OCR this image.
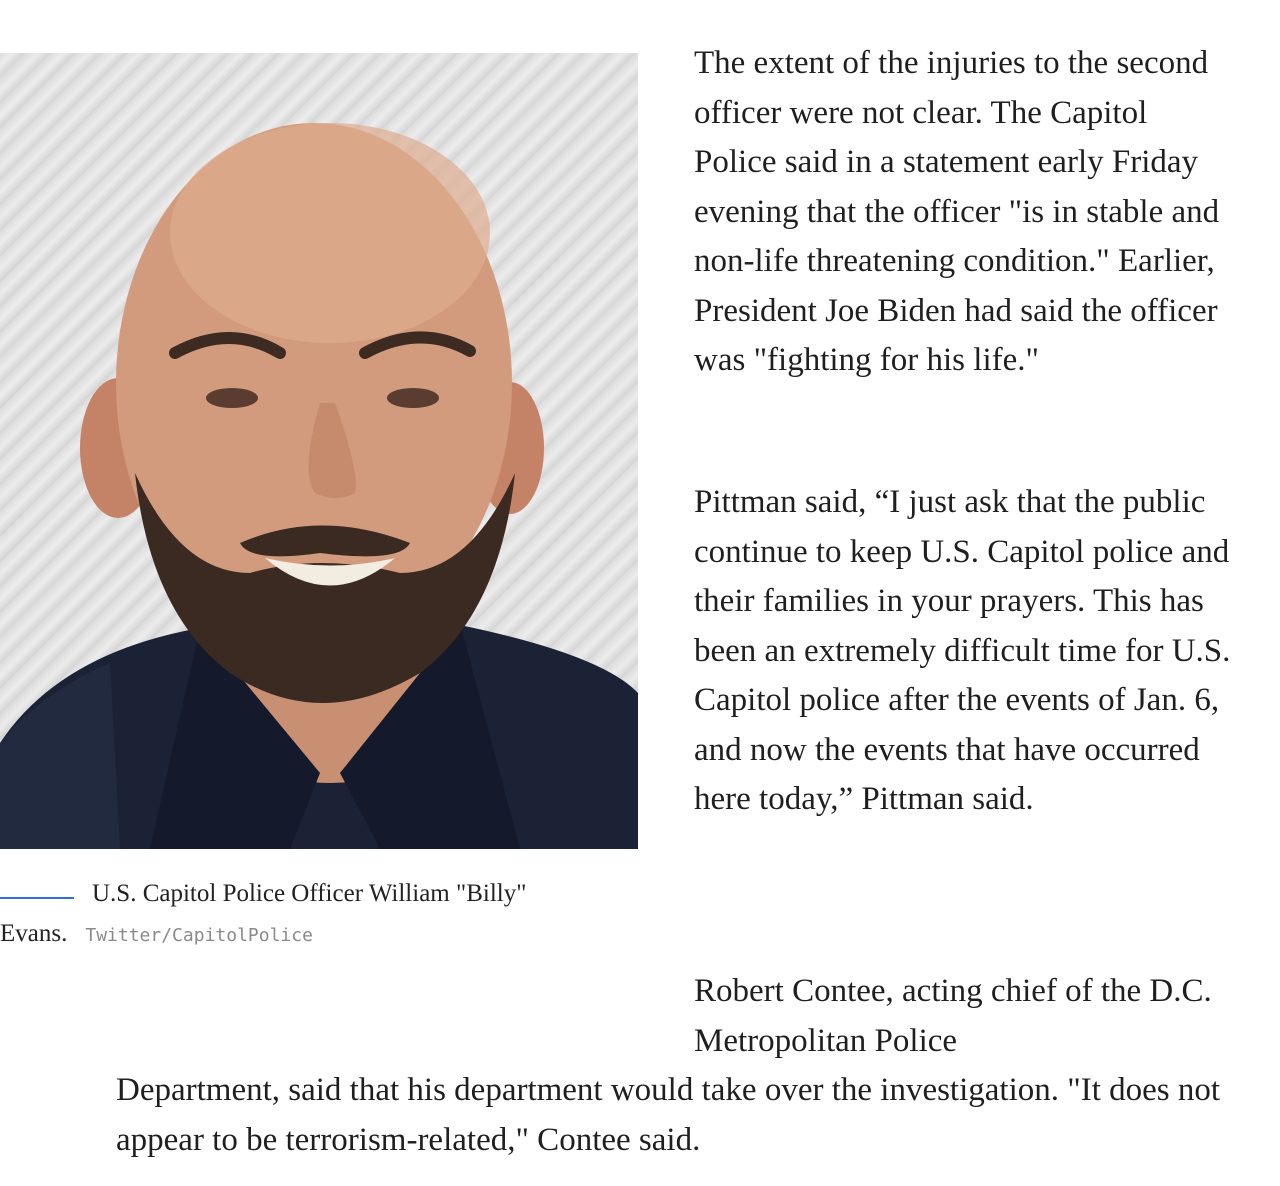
U.S. Capitol Police Officer William "Billy" Evans. Twitter/CapitolPolice

The extent of the injuries to the second officer were not clear. The Capitol Police said in a statement early Friday evening that the officer "is in stable and non-life threatening condition." Earlier, President Joe Biden had said the officer was "fighting for his life."

Pittman said, “I just ask that the public continue to keep U.S. Capitol police and their families in your prayers. This has been an extremely difficult time for U.S. Capitol police after the events of Jan. 6, and now the events that have occurred here today,” Pittman said.

Robert Contee, acting chief of the D.C. Metropolitan Police

Department, said that his department would take over the investigation. "It does not appear to be terrorism-related," Contee said.
